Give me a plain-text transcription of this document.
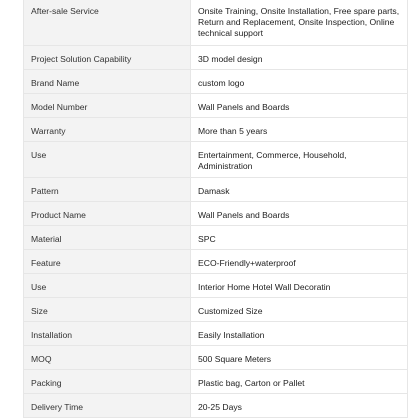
After-sale Service	Onsite Training, Onsite Installation, Free spare parts, Return and Replacement, Onsite Inspection, Online technical support
Project Solution Capability	3D model design
Brand Name	custom logo
Model Number	Wall Panels and Boards
Warranty	More than 5 years
Use	Entertainment, Commerce, Household, Administration
Pattern	Damask
Product Name	Wall Panels and Boards
Material	SPC
Feature	ECO-Friendly+waterproof
Use	Interior Home Hotel Wall Decoratin
Size	Customized Size
Installation	Easily Installation
MOQ	500 Square Meters
Packing	Plastic bag, Carton or Pallet
Delivery Time	20-25 Days
